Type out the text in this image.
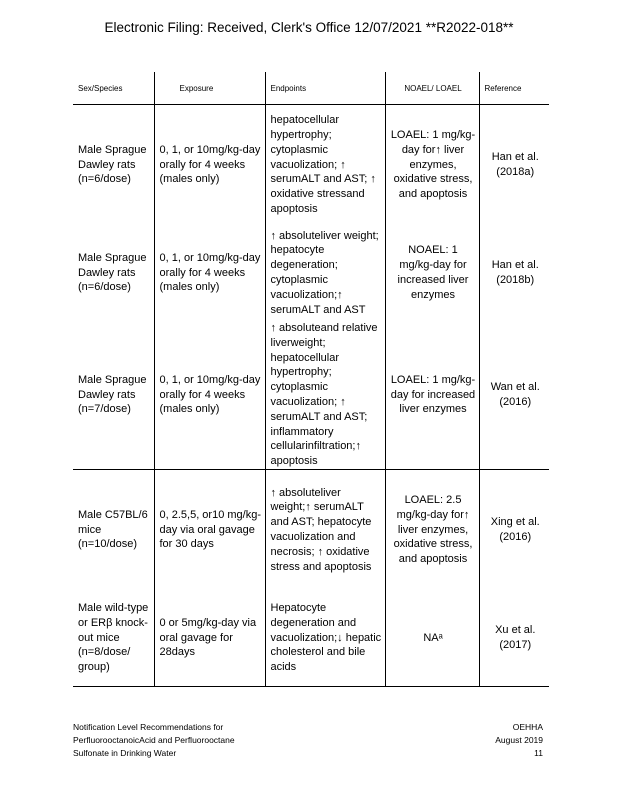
Electronic Filing: Received, Clerk's Office 12/07/2021 **R2022-018**
Sex/Species	Exposure	Endpoints	NOAEL/ LOAEL	Reference
Male Sprague Dawley rats (n=6/dose)	0, 1, or 10mg/kg-day orally for 4 weeks (males only)	hepatocellular hypertrophy; cytoplasmic vacuolization; ↑ serumALT and AST; ↑ oxidative stressand apoptosis	LOAEL: 1 mg/kg-day for↑ liver enzymes, oxidative stress, and apoptosis	Han et al. (2018a)
Male Sprague Dawley rats (n=6/dose)	0, 1, or 10mg/kg-day orally for 4 weeks (males only)	↑ absoluteliver weight; hepatocyte degeneration; cytoplasmic vacuolization;↑ serumALT and AST	NOAEL: 1 mg/kg-day for increased liver enzymes	Han et al. (2018b)
Male Sprague Dawley rats (n=7/dose)	0, 1, or 10mg/kg-day orally for 4 weeks (males only)	↑ absoluteand relative liverweight; hepatocellular hypertrophy; cytoplasmic vacuolization; ↑ serumALT and AST; inflammatory cellularinfiltration;↑ apoptosis	LOAEL: 1 mg/kg-day for increased liver enzymes	Wan et al. (2016)
Male C57BL/6 mice (n=10/dose)	0, 2.5,5, or10 mg/kg-day via oral gavage for 30 days	↑ absoluteliver weight;↑ serumALT and AST; hepatocyte vacuolization and necrosis; ↑ oxidative stress and apoptosis	LOAEL: 2.5 mg/kg-day for↑ liver enzymes, oxidative stress, and apoptosis	Xing et al. (2016)
Male wild-type or ERβ knock-out mice (n=8/dose/ group)	0 or 5mg/kg-day via oral gavage for 28days	Hepatocyte degeneration and vacuolization;↓ hepatic cholesterol and bile acids	NAᵃ	Xu et al. (2017)
Notification Level Recommendations for	OEHHA
PerfluorooctanoicAcid and Perfluorooctane	August 2019
Sulfonate in Drinking Water	11
